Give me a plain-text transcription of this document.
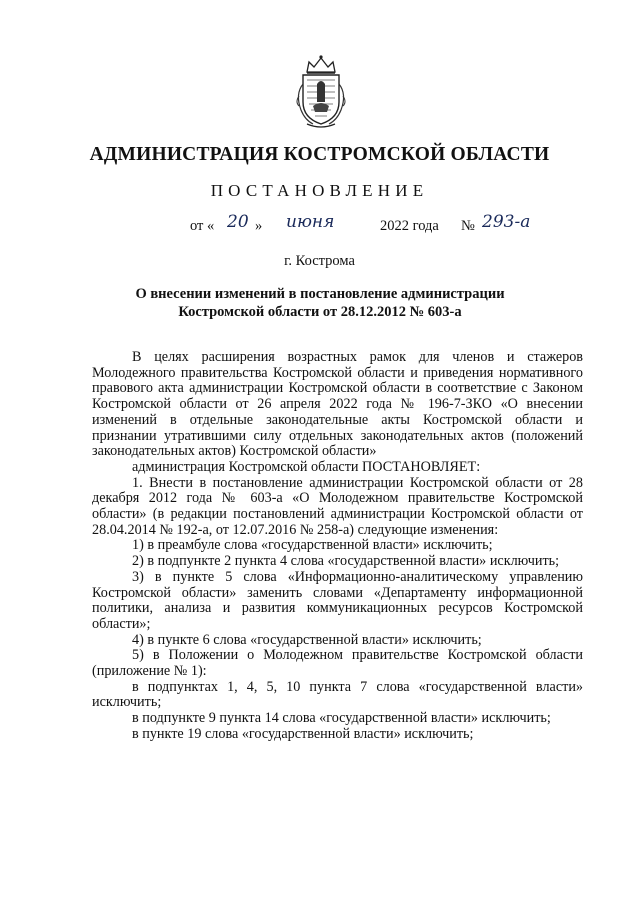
АДМИНИСТРАЦИЯ КОСТРОМСКОЙ ОБЛАСТИ
ПОСТАНОВЛЕНИЕ
от « 20 » июня	2022 года № 293-а
г. Кострома
О внесении изменений в постановление администрации
Костромской области от 28.12.2012 № 603-а

В целях расширения возрастных рамок для членов и стажеров Молодежного правительства Костромской области и приведения нормативного правового акта администрации Костромской области в соответствие с Законом Костромской области от 26 апреля 2022 года № 196-7-ЗКО «О внесении изменений в отдельные законодательные акты Костромской области и признании утратившими силу отдельных законодательных актов (положений законодательных актов) Костромской области»

администрация Костромской области ПОСТАНОВЛЯЕТ:

1. Внести в постановление администрации Костромской области от 28 декабря 2012 года № 603-а «О Молодежном правительстве Костромской области» (в редакции постановлений администрации Костромской области от 28.04.2014 № 192-а, от 12.07.2016 № 258-а) следующие изменения:

1) в преамбуле слова «государственной власти» исключить;

2) в подпункте 2 пункта 4 слова «государственной власти» исключить;

3) в пункте 5 слова «Информационно-аналитическому управлению Костромской области» заменить словами «Департаменту информационной политики, анализа и развития коммуникационных ресурсов Костромской области»;

4) в пункте 6 слова «государственной власти» исключить;

5) в Положении о Молодежном правительстве Костромской области (приложение № 1):

в подпунктах 1, 4, 5, 10 пункта 7 слова «государственной власти» исключить;

в подпункте 9 пункта 14 слова «государственной власти» исключить;

в пункте 19 слова «государственной власти» исключить;
